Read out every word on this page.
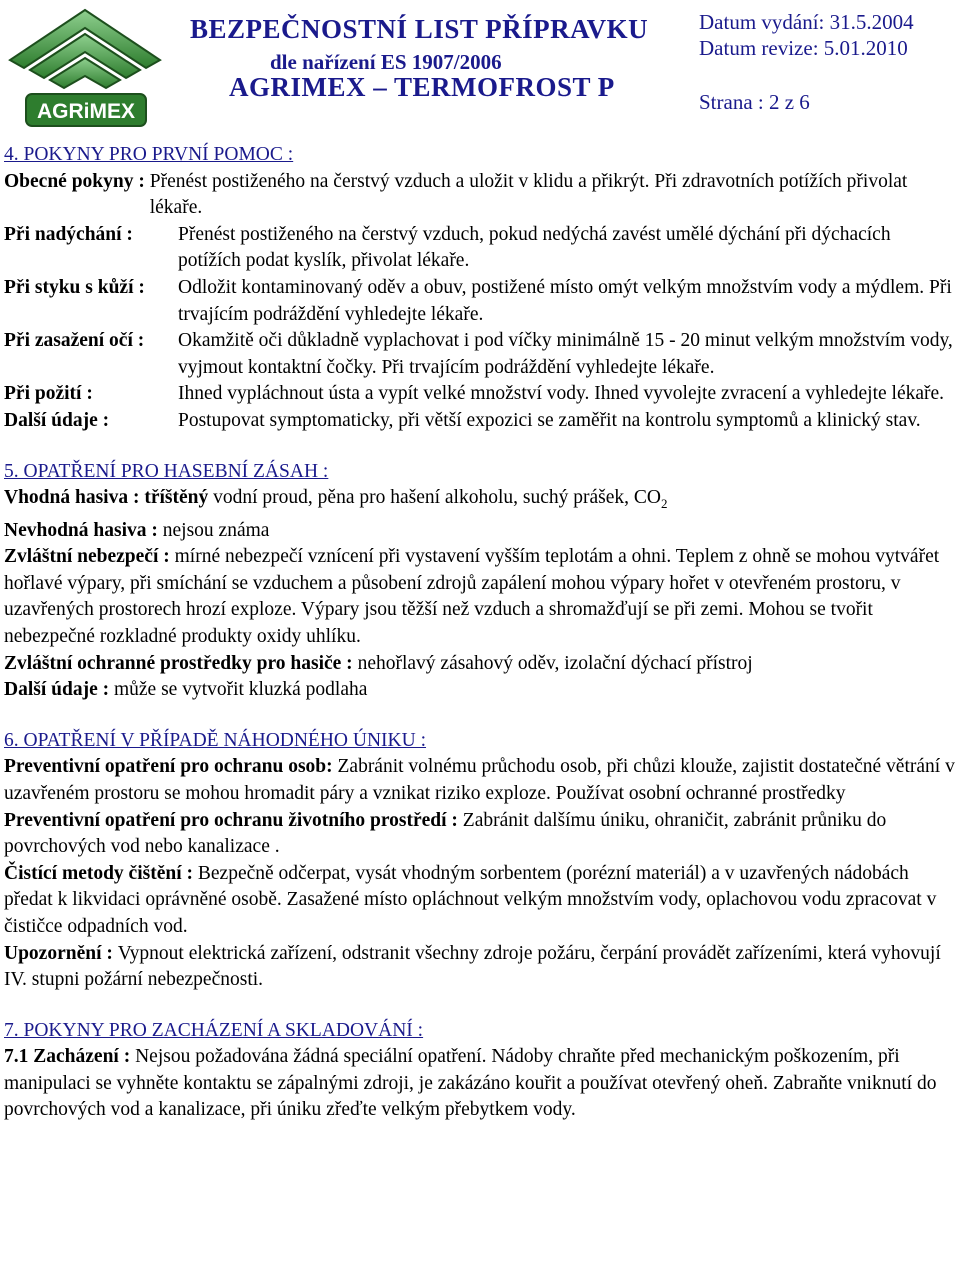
AGRiMEX
BEZPEČNOSTNÍ LIST PŘÍPRAVKU
dle nařízení ES 1907/2006
AGRIMEX – TERMOFROST P
Datum vydání: 31.5.2004
Datum revize: 5.01.2010
Strana : 2 z 6

4. POKYNY PRO PRVNÍ POMOC :

Obecné pokyny : Přenést postiženého na čerstvý vzduch a uložit v klidu a přikrýt. Při zdravotních potížích přivolat lékaře.
Při nadýchání :	Přenést postiženého na čerstvý vzduch, pokud nedýchá zavést umělé dýchání při dýchacích potížích podat kyslík, přivolat lékaře.
Při styku s kůží :	Odložit kontaminovaný oděv a obuv, postižené místo omýt velkým množstvím vody a mýdlem. Při trvajícím podráždění vyhledejte lékaře.
Při zasažení očí :	Okamžitě oči důkladně vyplachovat i pod víčky minimálně 15 - 20 minut velkým množstvím vody, vyjmout kontaktní čočky. Při trvajícím podráždění vyhledejte lékaře.
Při požití :	Ihned vypláchnout ústa a vypít velké množství vody. Ihned vyvolejte zvracení a vyhledejte lékaře.
Další údaje :	Postupovat symptomaticky, při větší expozici se zaměřit na kontrolu symptomů a klinický stav.

5. OPATŘENÍ PRO HASEBNÍ ZÁSAH :

Vhodná hasiva : tříštěný vodní proud, pěna pro hašení alkoholu, suchý prášek, $CO_2$

Nevhodná hasiva : nejsou známa

Zvláštní nebezpečí : mírné nebezpečí vznícení při vystavení vyšším teplotám a ohni. Teplem z ohně se mohou vytvářet hořlavé výpary, při smíchání se vzduchem a působení zdrojů zapálení mohou výpary hořet v otevřeném prostoru, v uzavřených prostorech hrozí exploze. Výpary jsou těžší než vzduch a shromažďují se při zemi. Mohou se tvořit nebezpečné rozkladné produkty oxidy uhlíku.

Zvláštní ochranné prostředky pro hasiče : nehořlavý zásahový oděv, izolační dýchací přístroj

Další údaje : může se vytvořit kluzká podlaha

6. OPATŘENÍ V PŘÍPADĚ NÁHODNÉHO ÚNIKU :

Preventivní opatření pro ochranu osob: Zabránit volnému průchodu osob, při chůzi klouže, zajistit dostatečné větrání v uzavřeném prostoru se mohou hromadit páry a vznikat riziko exploze. Používat osobní ochranné prostředky

Preventivní opatření pro ochranu životního prostředí : Zabránit dalšímu úniku, ohraničit, zabránit průniku do povrchových vod nebo kanalizace .

Čistící metody čištění : Bezpečně odčerpat, vysát vhodným sorbentem (porézní materiál) a v uzavřených nádobách předat k likvidaci oprávněné osobě. Zasažené místo opláchnout velkým množstvím vody, oplachovou vodu zpracovat v čističce odpadních vod.

Upozornění : Vypnout elektrická zařízení, odstranit všechny zdroje požáru, čerpání provádět zařízeními, která vyhovují IV. stupni požární nebezpečnosti.

7. POKYNY PRO ZACHÁZENÍ A SKLADOVÁNÍ :

7.1 Zacházení : Nejsou požadována žádná speciální opatření. Nádoby chraňte před mechanickým poškozením, při manipulaci se vyhněte kontaktu se zápalnými zdroji, je zakázáno kouřit a používat otevřený oheň. Zabraňte vniknutí do povrchových vod a kanalizace, při úniku zřeďte velkým přebytkem vody.
